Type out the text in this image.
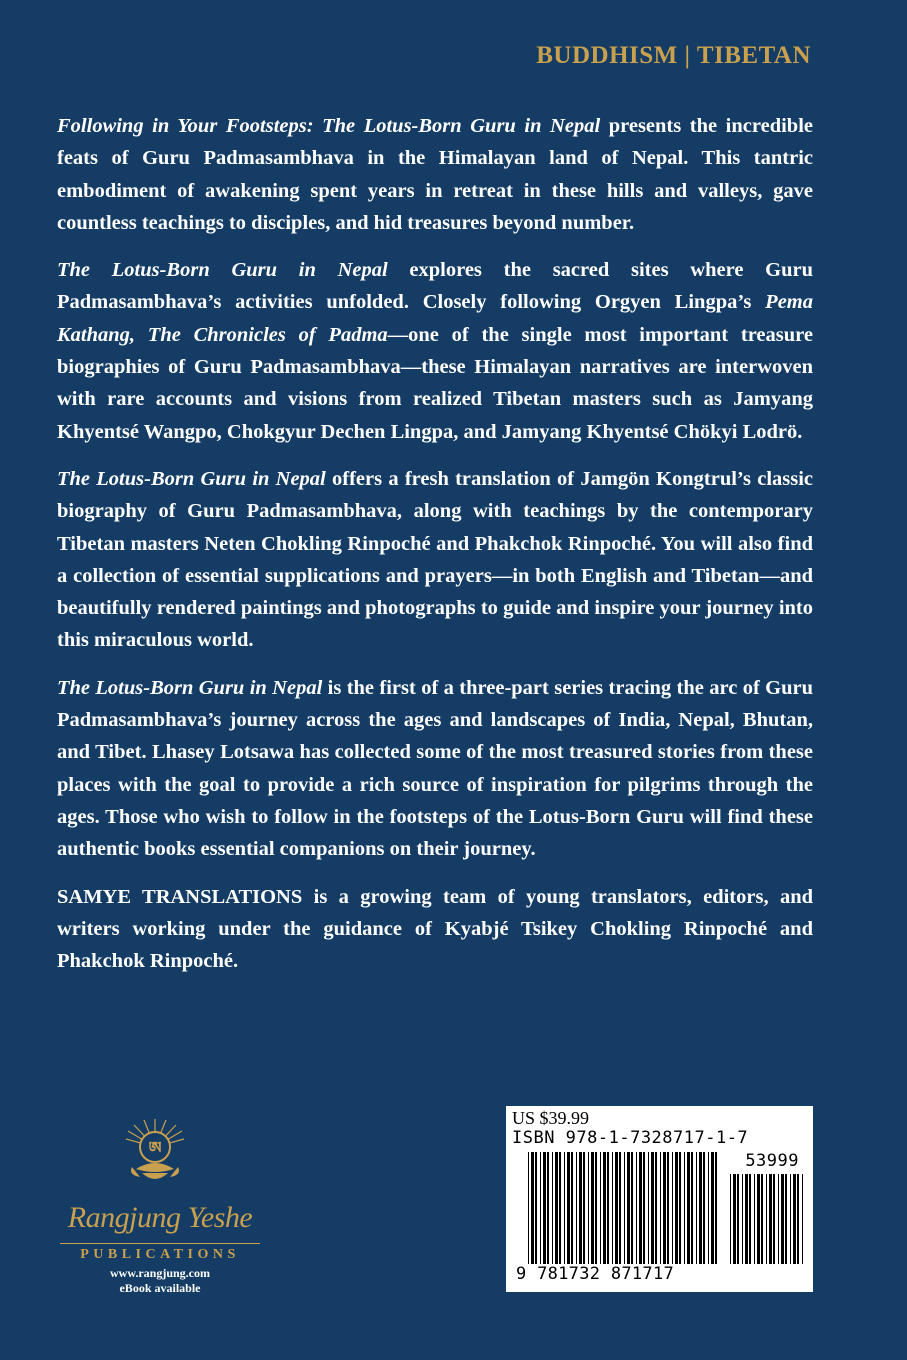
BUDDHISM | TIBETAN

Following in Your Footsteps: The Lotus-Born Guru in Nepal presents the incredible feats of Guru Padmasambhava in the Himalayan land of Nepal. This tantric embodiment of awakening spent years in retreat in these hills and valleys, gave countless teachings to disciples, and hid treasures beyond number.

The Lotus-Born Guru in Nepal explores the sacred sites where Guru Padmasambhava’s activities unfolded. Closely following Orgyen Lingpa’s Pema Kathang, The Chronicles of Padma—one of the single most important treasure biographies of Guru Padmasambhava—these Himalayan narratives are interwoven with rare accounts and visions from realized Tibetan masters such as Jamyang Khyentsé Wangpo, Chokgyur Dechen Lingpa, and Jamyang Khyentsé Chökyi Lodrö.

The Lotus-Born Guru in Nepal offers a fresh translation of Jamgön Kongtrul’s classic biography of Guru Padmasambhava, along with teachings by the contemporary Tibetan masters Neten Chokling Rinpoché and Phakchok Rinpoché. You will also find a collection of essential supplications and prayers—in both English and Tibetan—and beautifully rendered paintings and photographs to guide and inspire your journey into this miraculous world.

The Lotus-Born Guru in Nepal is the first of a three-part series tracing the arc of Guru Padmasambhava’s journey across the ages and landscapes of India, Nepal, Bhutan, and Tibet. Lhasey Lotsawa has collected some of the most treasured stories from these places with the goal to provide a rich source of inspiration for pilgrims through the ages. Those who wish to follow in the footsteps of the Lotus-Born Guru will find these authentic books essential companions on their journey.

SAMYE TRANSLATIONS is a growing team of young translators, editors, and writers working under the guidance of Kyabjé Tsikey Chokling Rinpoché and Phakchok Rinpoché.

ཨ
Rangjung Yeshe
PUBLICATIONS
www.rangjung.com
eBook available
US $39.99
ISBN 978-1-7328717-1-7
53999
9 781732 871717
